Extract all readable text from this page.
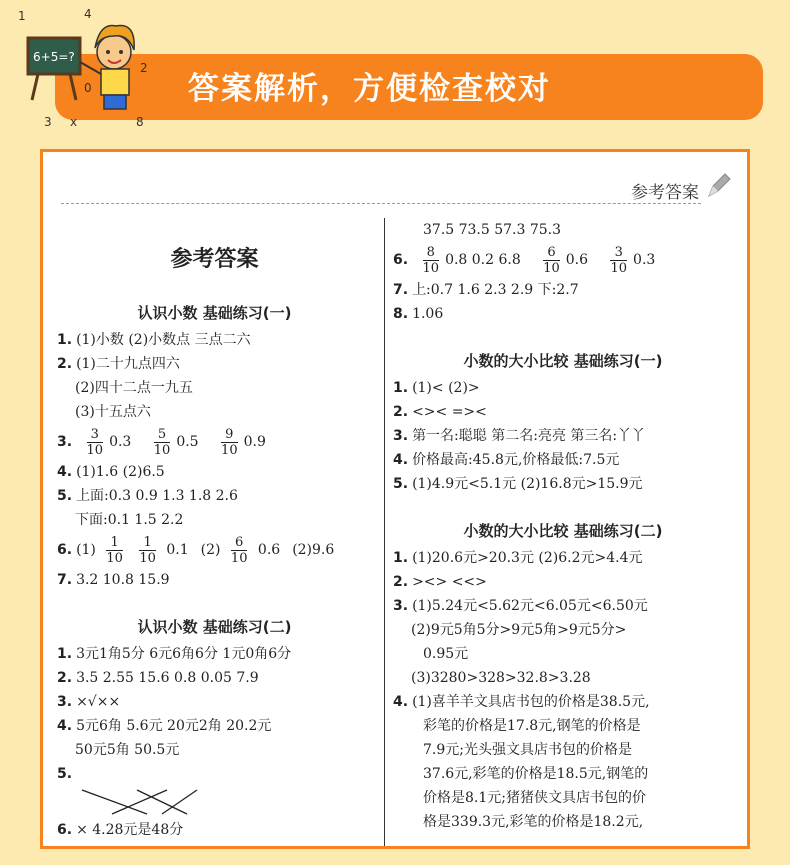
答案解析，方便检查校对
6+5=?
1	4
2
0
3 x	8
参考答案
参考答案
认识小数 基础练习(一)
1. (1)小数 (2)小数点 三点二六
2. (1)二十九点四六
(2)四十二点一九五
(3)十五点六
3. $\frac{3}{10} 0.3 \frac{5}{10} 0.5 \frac{9}{10} 0.9$
4. (1)1.6 (2)6.5
5. 上面:0.3 0.9 1.3 1.8 2.6
下面:0.1 1.5 2.2
6. $(1) \frac{1}{10}$
$\frac{1}{10} 0.1$ $(2) \frac{6}{10} 0.6$ (2)9.6
7. 3.2 10.8 15.9
认识小数 基础练习(二)
1. 3元1角5分 6元6角6分 1元0角6分
2. 3.5 2.55 15.6 0.8 0.05 7.9
3. ×√××
4. 5元6角 5.6元 20元2角 20.2元
50元5角 50.5元
5.
6. × 4.28元是48分
37.5 73.5 57.3 75.3
6. $\frac{8}{10} 0.8$ 0.2 $6.8 \frac{6}{10} 0.6 \frac{3}{10} 0.3$
7. 上:0.7 1.6 2.3 2.9 下:2.7
8. 1.06
小数的大小比较 基础练习(一)
1. (1)< (2)>
2. <>< =><
3. 第一名:聪聪 第二名:亮亮 第三名:丫丫
4. 价格最高:45.8元,价格最低:7.5元
5. (1)4.9元<5.1元 (2)16.8元>15.9元
小数的大小比较 基础练习(二)
1. (1)20.6元>20.3元 (2)6.2元>4.4元
2. ><> <<>
3. (1)5.24元<5.62元<6.05元<6.50元
(2)9元5角5分>9元5角>9元5分>
0.95元
(3)3280>328>32.8>3.28
4. (1)喜羊羊文具店书包的价格是38.5元,
彩笔的价格是17.8元,钢笔的价格是
7.9元;光头强文具店书包的价格是
37.6元,彩笔的价格是18.5元,钢笔的
价格是8.1元;猪猪侠文具店书包的价
格是339.3元,彩笔的价格是18.2元,
